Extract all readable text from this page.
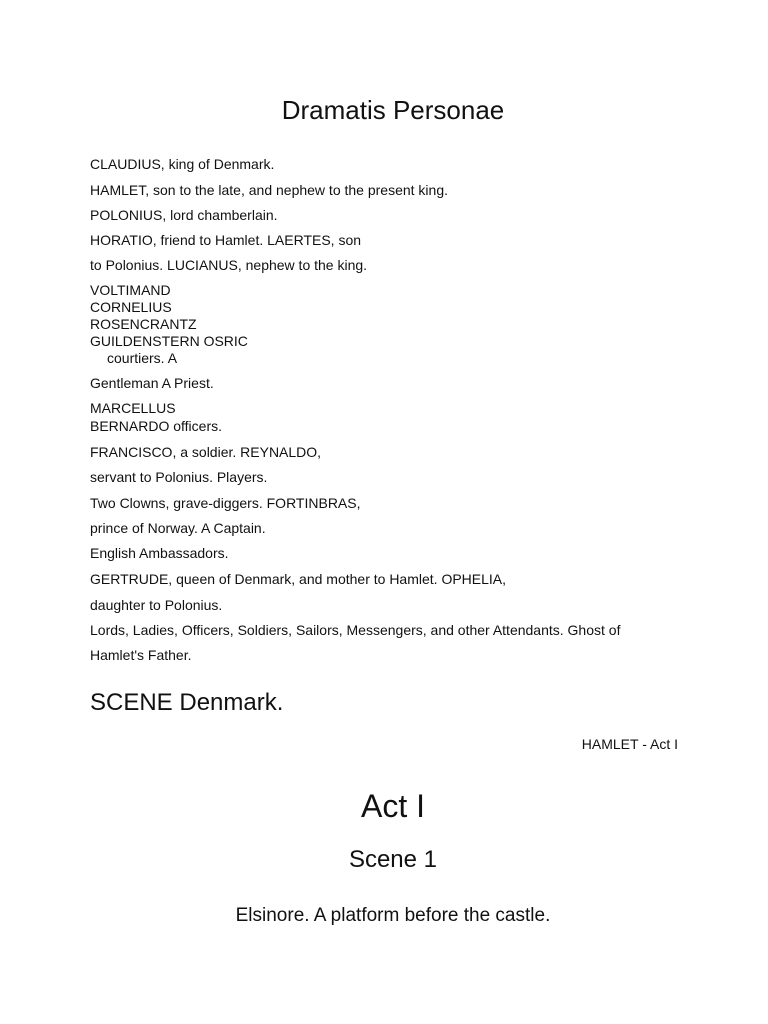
Dramatis Personae

CLAUDIUS, king of Denmark.

HAMLET, son to the late, and nephew to the present king.

POLONIUS, lord chamberlain.

HORATIO, friend to Hamlet. LAERTES, son

to Polonius. LUCIANUS, nephew to the king.

VOLTIMAND

CORNELIUS

ROSENCRANTZ

GUILDENSTERN OSRIC

courtiers. A

Gentleman A Priest.

MARCELLUS

BERNARDO officers.

FRANCISCO, a soldier. REYNALDO,

servant to Polonius. Players.

Two Clowns, grave-diggers. FORTINBRAS,

prince of Norway. A Captain.

English Ambassadors.

GERTRUDE, queen of Denmark, and mother to Hamlet. OPHELIA,

daughter to Polonius.

Lords, Ladies, Officers, Soldiers, Sailors, Messengers, and other Attendants. Ghost of

Hamlet's Father.

SCENE Denmark.

HAMLET - Act I

Act I
Scene 1

Elsinore. A platform before the castle.
